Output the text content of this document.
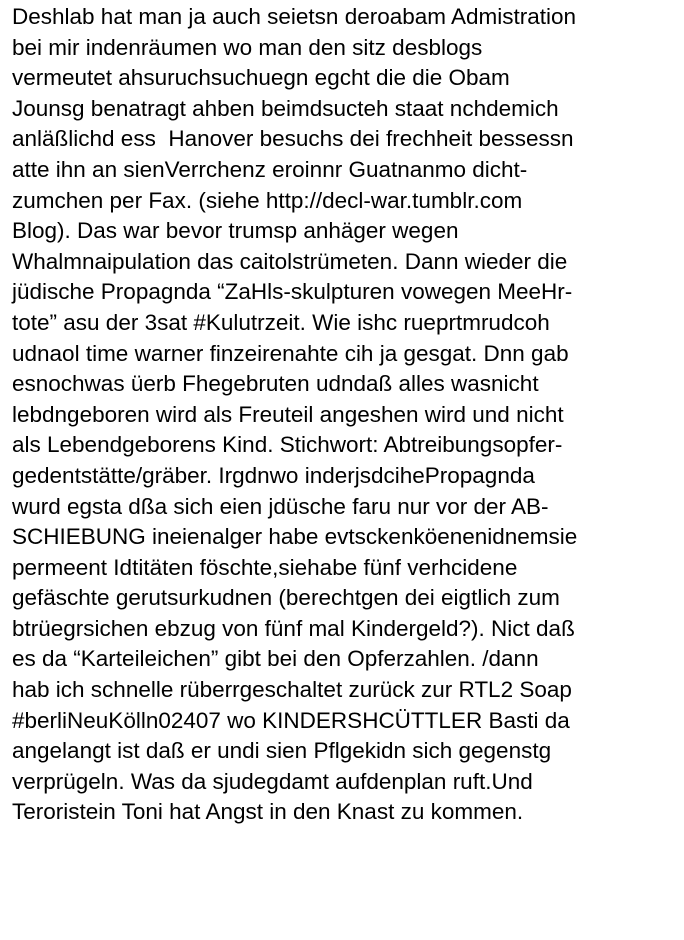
Deshlab hat man ja auch seietsn deroabam Admistration
bei mir indenräumen wo man den sitz desblogs
vermeutet ahsuruchsuchuegn egcht die die Obam
Jounsg benatragt ahben beimdsucteh staat nchdemich
anläßlichd ess  Hanover besuchs dei frechheit bessessn
atte ihn an sienVerrchenz eroinnr Guatnanmo dicht-
zumchen per Fax. (siehe http://decl-war.tumblr.com
Blog). Das war bevor trumsp anhäger wegen
Whalmnaipulation das caitolstrümeten. Dann wieder die
jüdische Propagnda “ZaHls-skulpturen vowegen MeeHr-
tote” asu der 3sat #Kulutrzeit. Wie ishc rueprtmrudcoh
udnaol time warner finzeirenahte cih ja gesgat. Dnn gab
esnochwas üerb Fhegebruten udndaß alles wasnicht
lebdngeboren wird als Freuteil angeshen wird und nicht
als Lebendgeborens Kind. Stichwort: Abtreibungsopfer-
gedentstätte/gräber. Irgdnwo inderjsdcihePropagnda
wurd egsta dßa sich eien jdüsche faru nur vor der AB-
SCHIEBUNG ineienalger habe evtsckenköenenidnemsie
permeent Idtitäten föschte,siehabe fünf verhcidene
gefäschte gerutsurkudnen (berechtgen dei eigtlich zum
btrüegrsichen ebzug von fünf mal Kindergeld?). Nict daß
es da “Karteileichen” gibt bei den Opferzahlen. /dann
hab ich schnelle rüberrgeschaltet zurück zur RTL2 Soap
#berliNeuKölln02407 wo KINDERSHCÜTTLER Basti da
angelangt ist daß er undi sien Pflgekidn sich gegenstg
verprügeln. Was da sjudegdamt aufdenplan ruft.Und
Teroristein Toni hat Angst in den Knast zu kommen.
